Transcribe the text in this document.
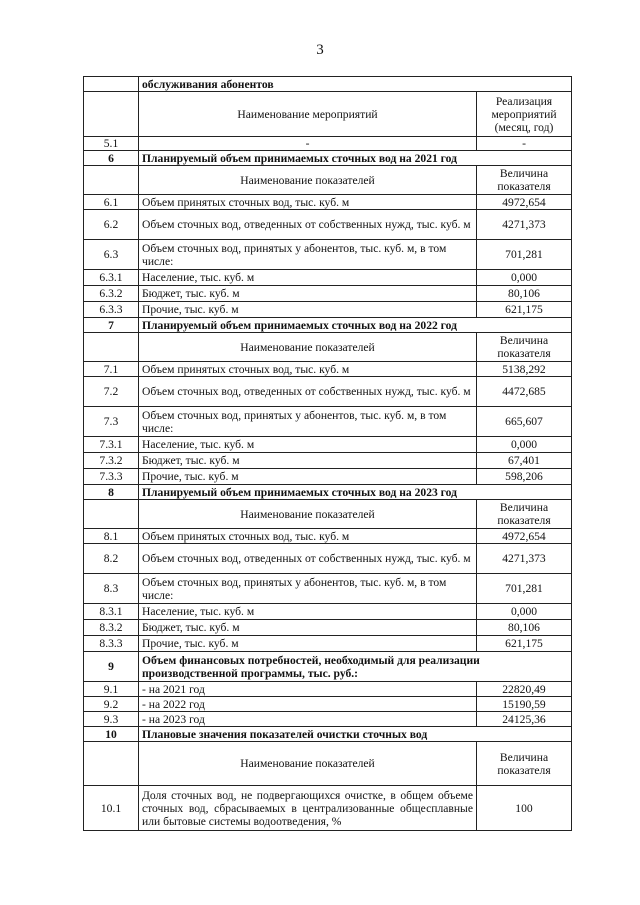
3
	обслуживания абонентов	
	Наименование мероприятий	Реализация мероприятий (месяц, год)
5.1	-	-
6	Планируемый объем принимаемых сточных вод на 2021 год	
	Наименование показателей	Величина показателя
6.1	Объем принятых сточных вод, тыс. куб. м	4972,654
6.2	Объем сточных вод, отведенных от собственных нужд, тыс. куб. м	4271,373
6.3	Объем сточных вод, принятых у абонентов, тыс. куб. м, в том числе:	701,281
6.3.1	Население, тыс. куб. м	0,000
6.3.2	Бюджет, тыс. куб. м	80,106
6.3.3	Прочие, тыс. куб. м	621,175
7	Планируемый объем принимаемых сточных вод на 2022 год	
	Наименование показателей	Величина показателя
7.1	Объем принятых сточных вод, тыс. куб. м	5138,292
7.2	Объем сточных вод, отведенных от собственных нужд, тыс. куб. м	4472,685
7.3	Объем сточных вод, принятых у абонентов, тыс. куб. м, в том числе:	665,607
7.3.1	Население, тыс. куб. м	0,000
7.3.2	Бюджет, тыс. куб. м	67,401
7.3.3	Прочие, тыс. куб. м	598,206
8	Планируемый объем принимаемых сточных вод на 2023 год	
	Наименование показателей	Величина показателя
8.1	Объем принятых сточных вод, тыс. куб. м	4972,654
8.2	Объем сточных вод, отведенных от собственных нужд, тыс. куб. м	4271,373
8.3	Объем сточных вод, принятых у абонентов, тыс. куб. м, в том числе:	701,281
8.3.1	Население, тыс. куб. м	0,000
8.3.2	Бюджет, тыс. куб. м	80,106
8.3.3	Прочие, тыс. куб. м	621,175
9	Объем финансовых потребностей, необходимый для реализации производственной программы, тыс. руб.:	
9.1	- на 2021 год	22820,49
9.2	- на 2022 год	15190,59
9.3	- на 2023 год	24125,36
10	Плановые значения показателей очистки сточных вод	
	Наименование показателей	Величина показателя
10.1	Доля сточных вод, не подвергающихся очистке, в общем объеме сточных вод, сбрасываемых в централизованные общесплавные или бытовые системы водоотведения, %	100
